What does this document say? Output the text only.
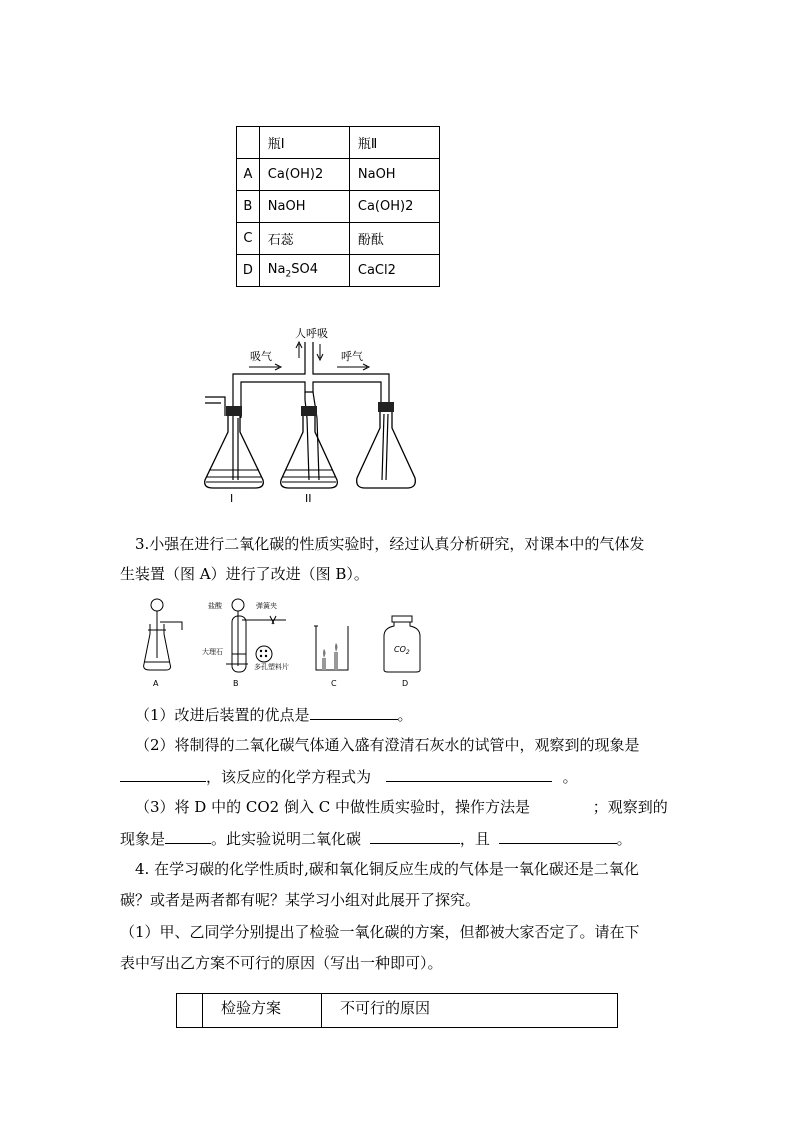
	瓶Ⅰ	瓶Ⅱ
A	Ca(OH)2	NaOH
B	NaOH	Ca(OH)2
C	石蕊	酚酞
D	$Na_2SO4$	CaCl2
人呼吸
吸气	呼气
I	II
3.小强在进行二氧化碳的性质实验时，经过认真分析研究，对课本中的气体发
生装置（图 A）进行了改进（图 B）。
A
盐酸	弹簧夹
大理石
多孔塑料片
B	C
$CO_2$
D
（1）改进后装置的优点是	。
（2）将制得的二氧化碳气体通入盛有澄清石灰水的试管中，观察到的现象是
，该反应的化学方程式为	。
（3）将 D 中的 CO2 倒入 C 中做性质实验时，操作方法是	；观察到的
现象是	。此实验说明二氧化碳	，且	。
4. 在学习碳的化学性质时,碳和氧化铜反应生成的气体是一氧化碳还是二氧化
碳？或者是两者都有呢？某学习小组对此展开了探究。
（1）甲、乙同学分别提出了检验一氧化碳的方案，但都被大家否定了。请在下
表中写出乙方案不可行的原因（写出一种即可）。
	检验方案	不可行的原因
